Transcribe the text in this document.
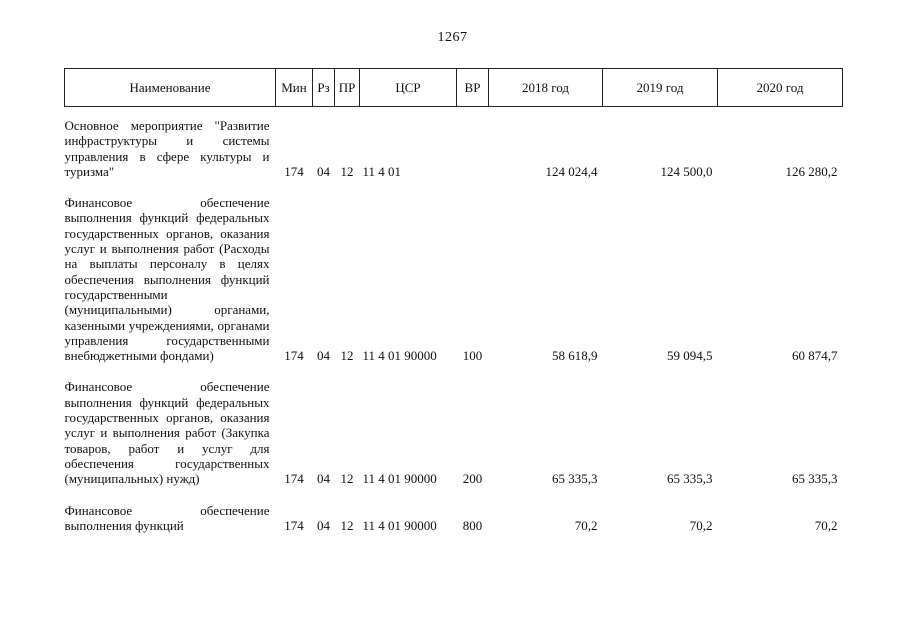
1267
Наименование	Мин	Рз	ПР	ЦСР	ВР	2018 год	2019 год	2020 год

Основное мероприятие "Развитие инфраструктуры и системы управления в сфере культуры и туризма"	174	04	12	11 4 01		124 024,4	124 500,0	126 280,2
Финансовое обеспечение выполнения функций федеральных государственных органов, оказания услуг и выполнения работ (Расходы на выплаты персоналу в целях обеспечения выполнения функций государственными (муниципальными) органами, казенными учреждениями, органами управления государственными внебюджетными фондами)	174	04	12	11 4 01 90000	100	58 618,9	59 094,5	60 874,7
Финансовое обеспечение выполнения функций федеральных государственных органов, оказания услуг и выполнения работ (Закупка товаров, работ и услуг для обеспечения государственных (муниципальных) нужд)	174	04	12	11 4 01 90000	200	65 335,3	65 335,3	65 335,3
Финансовое обеспечение выполнения функций	174	04	12	11 4 01 90000	800	70,2	70,2	70,2
